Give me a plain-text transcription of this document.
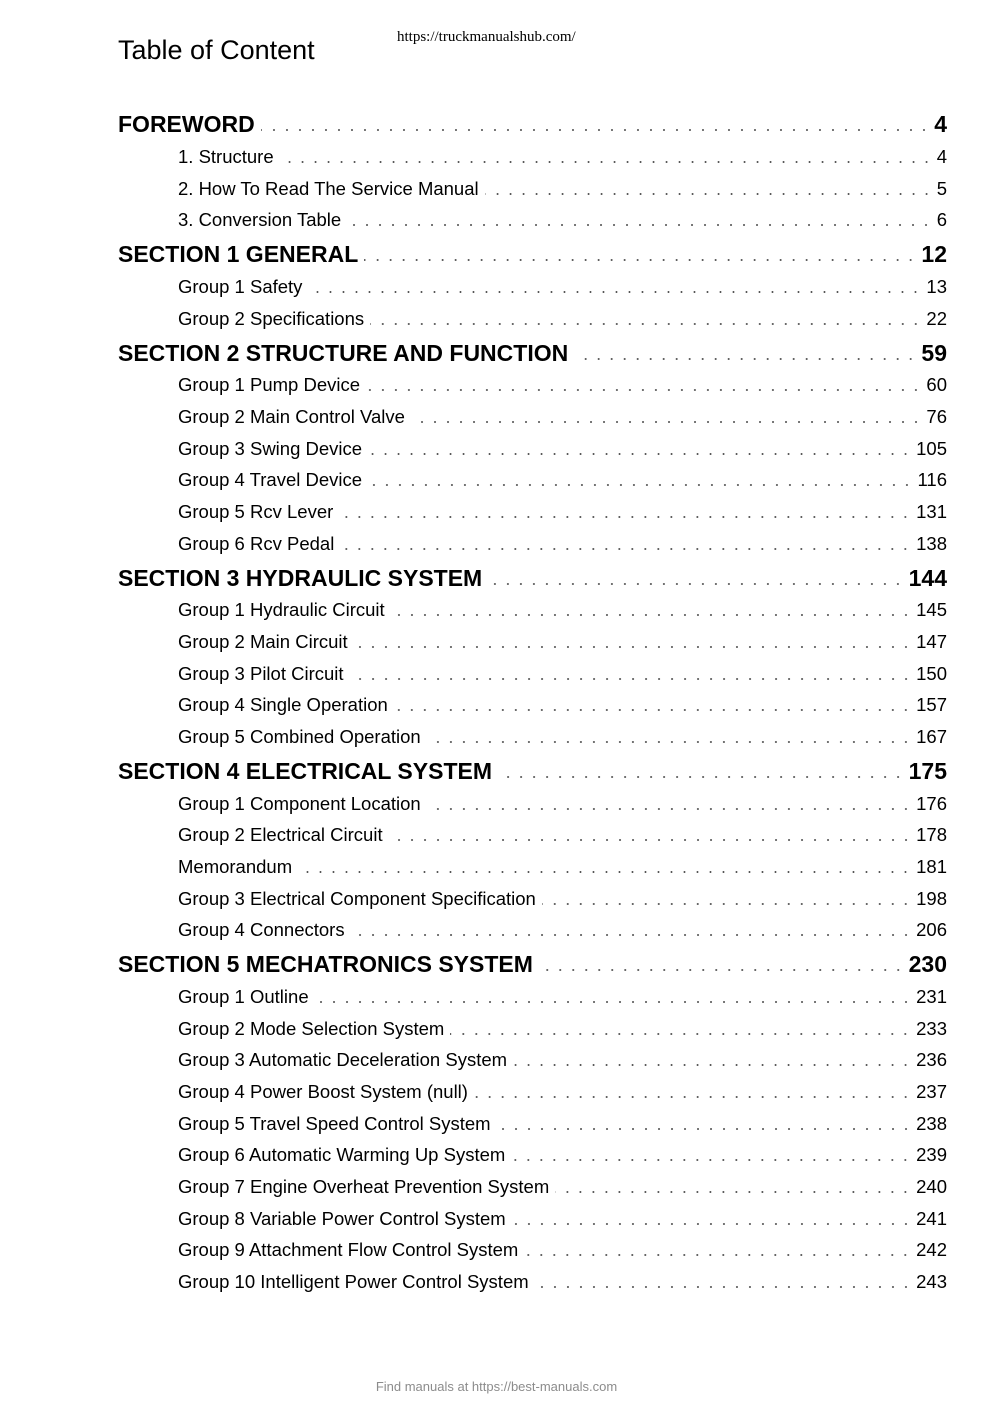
Table of Content	https://truckmanualshub.com/
FOREWORD	4
1. Structure	4
2. How To Read The Service Manual	5
3. Conversion Table	6
SECTION 1 GENERAL	12
Group 1 Safety	13
Group 2 Specifications	22
SECTION 2 STRUCTURE AND FUNCTION	59
Group 1 Pump Device	60
Group 2 Main Control Valve	76
Group 3 Swing Device	105
Group 4 Travel Device	116
Group 5 Rcv Lever	131
Group 6 Rcv Pedal	138
SECTION 3 HYDRAULIC SYSTEM	144
Group 1 Hydraulic Circuit	145
Group 2 Main Circuit	147
Group 3 Pilot Circuit	150
Group 4 Single Operation	157
Group 5 Combined Operation	167
SECTION 4 ELECTRICAL SYSTEM	175
Group 1 Component Location	176
Group 2 Electrical Circuit	178
Memorandum	181
Group 3 Electrical Component Specification	198
Group 4 Connectors	206
SECTION 5 MECHATRONICS SYSTEM	230
Group 1 Outline	231
Group 2 Mode Selection System	233
Group 3 Automatic Deceleration System	236
Group 4 Power Boost System (null)	237
Group 5 Travel Speed Control System	238
Group 6 Automatic Warming Up System	239
Group 7 Engine Overheat Prevention System	240
Group 8 Variable Power Control System	241
Group 9 Attachment Flow Control System	242
Group 10 Intelligent Power Control System	243
Find manuals at https://best-manuals.com
